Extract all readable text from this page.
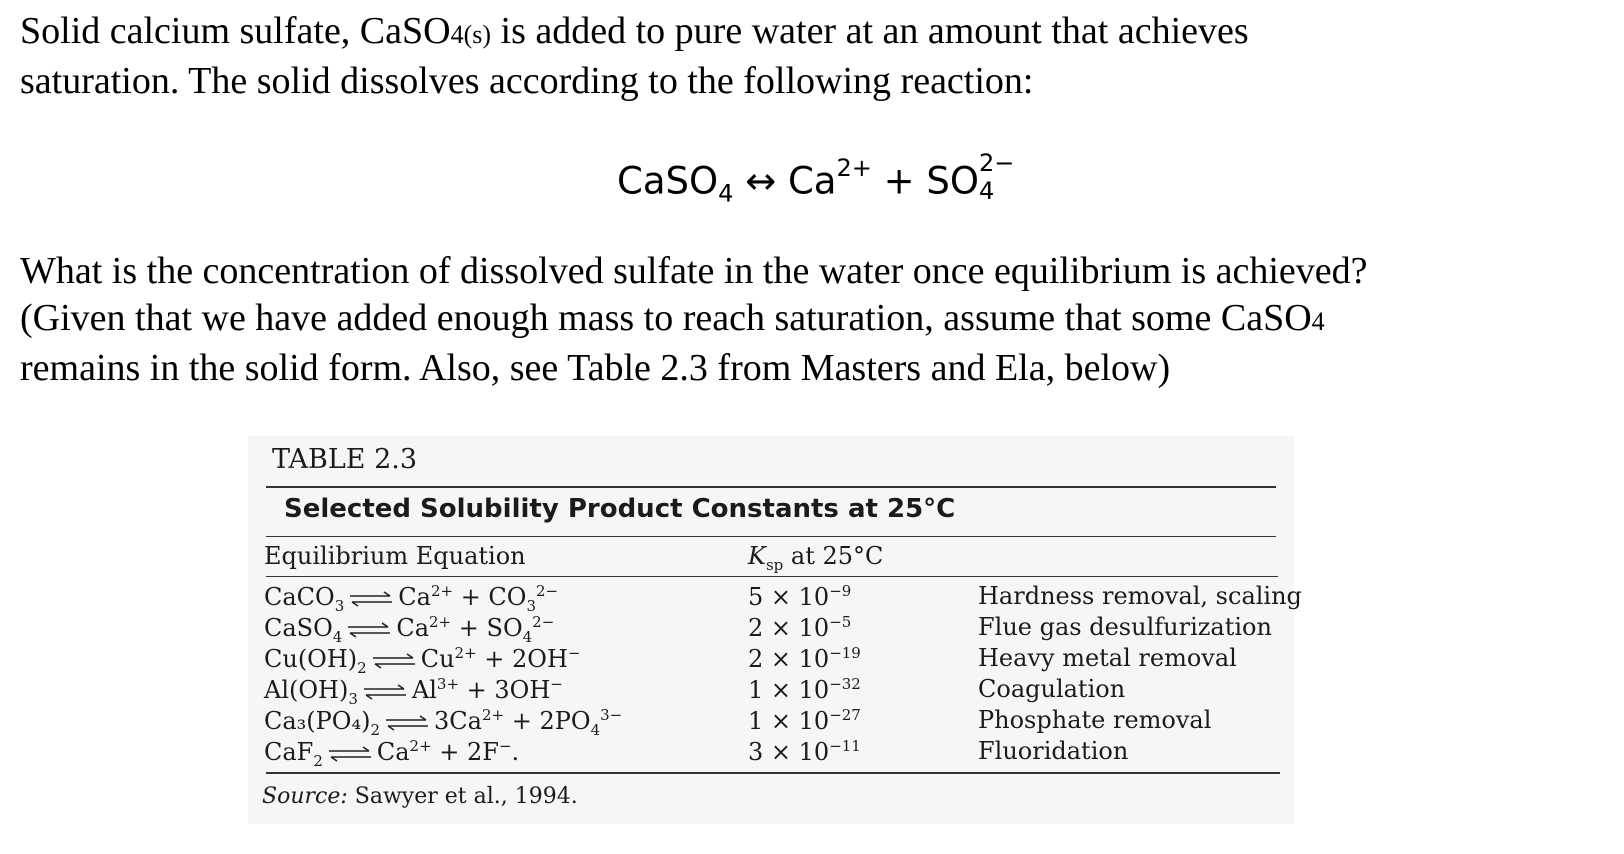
Solid calcium sulfate, CaSO4(s) is added to pure water at an amount that achieves
saturation. The solid dissolves according to the following reaction:
CaSO$_4$ ↔ $Ca^{2+}$ + SO 2−
4
What is the concentration of dissolved sulfate in the water once equilibrium is achieved?
(Given that we have added enough mass to reach saturation, assume that some CaSO4
remains in the solid form. Also, see Table 2.3 from Masters and Ela, below)
TABLE 2.3
Selected Solubility Product Constants at 25°C
Equilibrium Equation	$K_{sp}$ at 25°C
CaCO$_3$ ⇌ $Ca^{2+} + CO_3^{2-}$	$5 \times 10^{-9}$	Hardness removal, scaling
CaSO$_4$ ⇌ $Ca^{2+} + SO_4^{2-}$	$2 \times 10^{-5}$	Flue gas desulfurization
$Cu(OH)_2$ ⇌ $Cu^{2+} + 2OH^-$	$2 \times 10^{-19}$	Heavy metal removal
$Al(OH)_3$ ⇌ $Al^{3+} + 3OH^-$	$1 \times 10^{-32}$	Coagulation
$Ca_3(PO_4)_2$ ⇌ $3Ca^{2+} + 2PO_4^{3-}$	$1 \times 10^{-27}$	Phosphate removal
CaF$_2$ ⇌ $Ca^{2+} + 2F^-$.	$3 \times 10^{-11}$	Fluoridation
Source: Sawyer et al., 1994.
